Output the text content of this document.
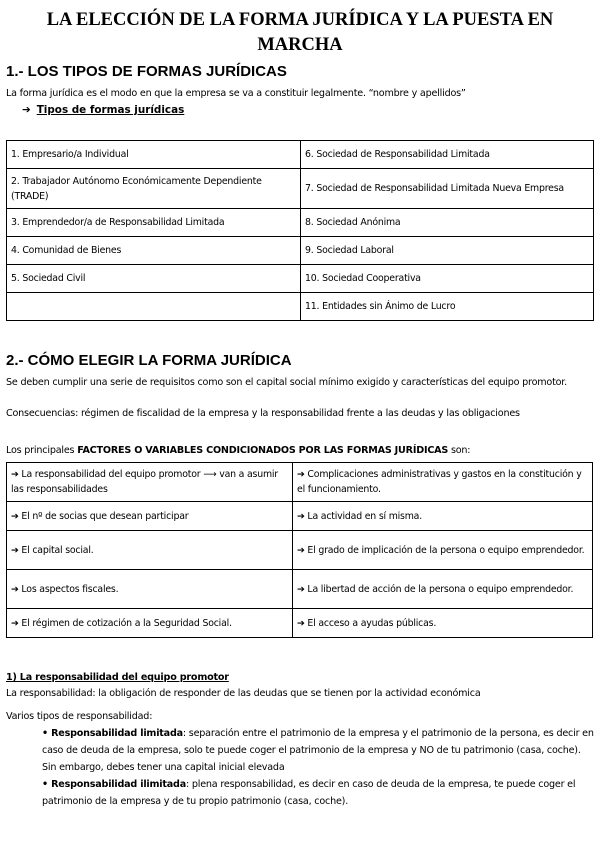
LA ELECCIÓN DE LA FORMA JURÍDICA Y LA PUESTA EN
MARCHA
1.- LOS TIPOS DE FORMAS JURÍDICAS
La forma jurídica es el modo en que la empresa se va a constituir legalmente. “nombre y apellidos”
➔ Tipos de formas jurídicas
1. Empresario/a Individual	6. Sociedad de Responsabilidad Limitada
2. Trabajador Autónomo Económicamente Dependiente (TRADE)	7. Sociedad de Responsabilidad Limitada Nueva Empresa
3. Emprendedor/a de Responsabilidad Limitada	8. Sociedad Anónima
4. Comunidad de Bienes	9. Sociedad Laboral
5. Sociedad Civil	10. Sociedad Cooperativa
	11. Entidades sin Ánimo de Lucro
2.- CÓMO ELEGIR LA FORMA JURÍDICA
Se deben cumplir una serie de requisitos como son el capital social mínimo exigido y características del equipo promotor.
Consecuencias: régimen de fiscalidad de la empresa y la responsabilidad frente a las deudas y las obligaciones
Los principales FACTORES O VARIABLES CONDICIONADOS POR LAS FORMAS JURÍDICAS son:
➔ La responsabilidad del equipo promotor ⟶ van a asumir las responsabilidades	➔ Complicaciones administrativas y gastos en la constitución y el funcionamiento.
➔ El nº de socias que desean participar	➔ La actividad en sí misma.
➔ El capital social.	➔ El grado de implicación de la persona o equipo emprendedor.
➔ Los aspectos fiscales.	➔ La libertad de acción de la persona o equipo emprendedor.
➔ El régimen de cotización a la Seguridad Social.	➔ El acceso a ayudas públicas.
1) La responsabilidad del equipo promotor
La responsabilidad: la obligación de responder de las deudas que se tienen por la actividad económica
Varios tipos de responsabilidad:

• Responsabilidad limitada: separación entre el patrimonio de la empresa y el patrimonio de la persona, es decir en caso de deuda de la empresa, solo te puede coger el patrimonio de la empresa y NO de tu patrimonio (casa, coche). Sin embargo, debes tener una capital inicial elevada

• Responsabilidad ilimitada: plena responsabilidad, es decir en caso de deuda de la empresa, te puede coger el patrimonio de la empresa y de tu propio patrimonio (casa, coche).
